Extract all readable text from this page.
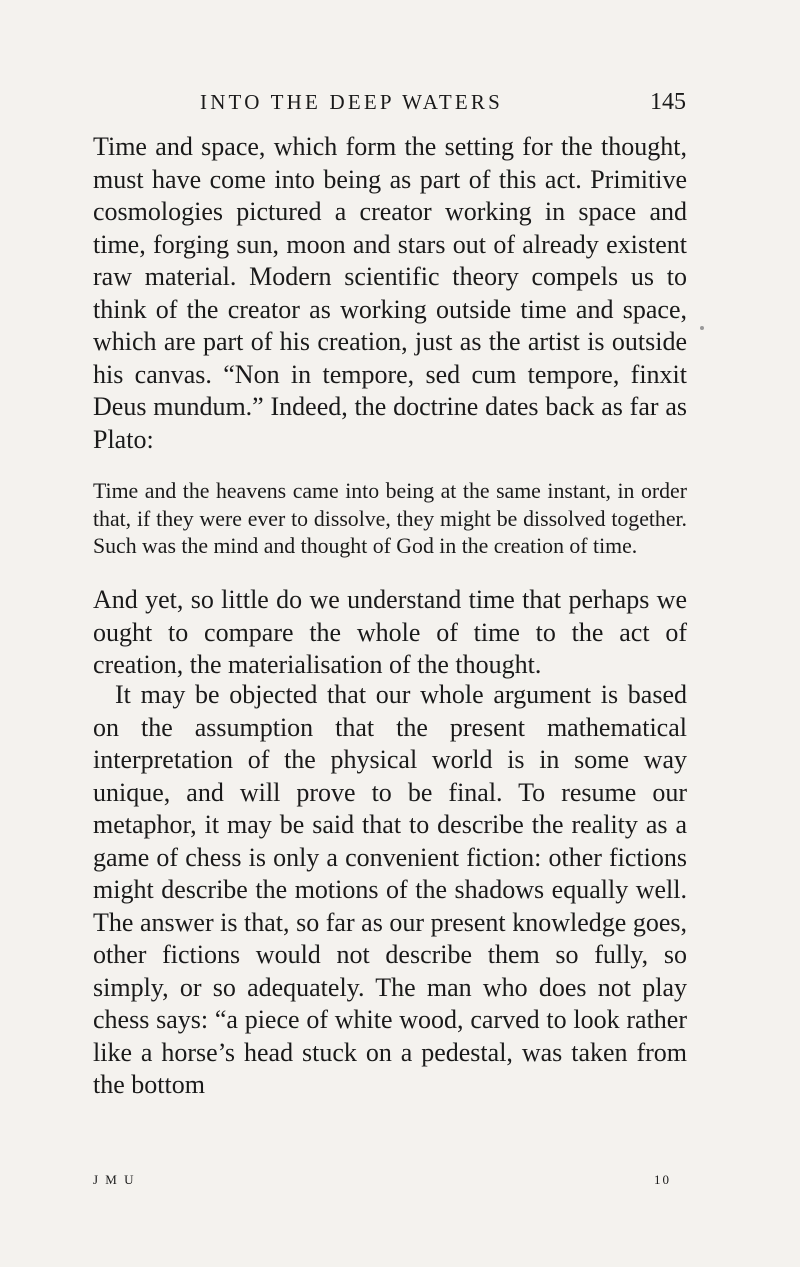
INTO THE DEEP WATERS	145

Time and space, which form the setting for the thought, must have come into being as part of this act. Primitive cosmologies pictured a creator working in space and time, forging sun, moon and stars out of already existent raw material. Modern scientific theory compels us to think of the creator as working outside time and space, which are part of his creation, just as the artist is outside his canvas. “Non in tempore, sed cum tempore, finxit Deus mundum.” Indeed, the doctrine dates back as far as Plato:

Time and the heavens came into being at the same instant, in order that, if they were ever to dissolve, they might be dissolved together. Such was the mind and thought of God in the creation of time.

And yet, so little do we understand time that perhaps we ought to compare the whole of time to the act of creation, the materialisation of the thought.

It may be objected that our whole argument is based on the assumption that the present mathematical interpretation of the physical world is in some way unique, and will prove to be final. To resume our metaphor, it may be said that to describe the reality as a game of chess is only a convenient fiction: other fictions might describe the motions of the shadows equally well. The answer is that, so far as our present knowledge goes, other fictions would not describe them so fully, so simply, or so adequately. The man who does not play chess says: “a piece of white wood, carved to look rather like a horse’s head stuck on a pedestal, was taken from the bottom

J M U	10
